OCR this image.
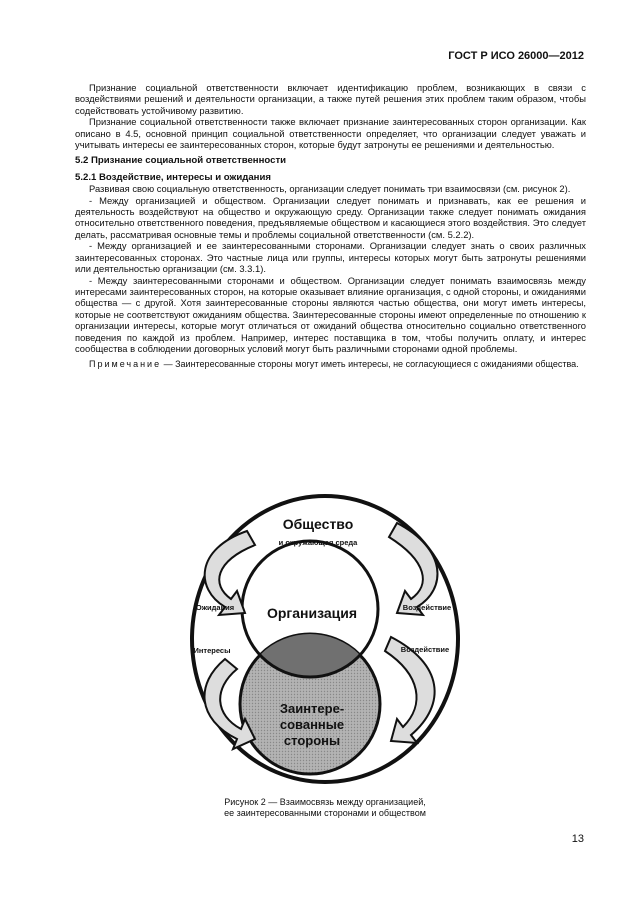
ГОСТ Р ИСО 26000—2012

Признание социальной ответственности включает идентификацию проблем, возникающих в связи с воздействиями решений и деятельности организации, а также путей решения этих проблем таким образом, чтобы содействовать устойчивому развитию.

Признание социальной ответственности также включает признание заинтересованных сторон организации. Как описано в 4.5, основной принцип социальной ответственности определяет, что организации следует уважать и учитывать интересы ее заинтересованных сторон, которые будут затронуты ее решениями и деятельностью.

5.2 Признание социальной ответственности

5.2.1 Воздействие, интересы и ожидания

Развивая свою социальную ответственность, организации следует понимать три взаимосвязи (см. рисунок 2).

- Между организацией и обществом. Организации следует понимать и признавать, как ее решения и деятельность воздействуют на общество и окружающую среду. Организации также следует понимать ожидания относительно ответственного поведения, предъявляемые обществом и касающиеся этого воздействия. Это следует делать, рассматривая основные темы и проблемы социальной ответственности (см. 5.2.2).

- Между организацией и ее заинтересованными сторонами. Организации следует знать о своих различных заинтересованных сторонах. Это частные лица или группы, интересы которых могут быть затронуты решениями или деятельностью организации (см. 3.3.1).

- Между заинтересованными сторонами и обществом. Организации следует понимать взаимосвязь между интересами заинтересованных сторон, на которые оказывает влияние организация, с одной стороны, и ожиданиями общества — с другой. Хотя заинтересованные стороны являются частью общества, они могут иметь интересы, которые не соответствуют ожиданиям общества. Заинтересованные стороны имеют определенные по отношению к организации интересы, которые могут отличаться от ожиданий общества относительно социально ответственного поведения по каждой из проблем. Например, интерес поставщика в том, чтобы получить оплату, и интерес сообщества в соблюдении договорных условий могут быть различными сторонами одной проблемы.

Примечание — Заинтересованные стороны могут иметь интересы, не согласующиеся с ожиданиями общества.

Общество
и окружающая среда
Организация
Заинтере-
сованные
стороны
Ожидания
Интересы
Воздействие
Воздействие
Рисунок 2 — Взаимосвязь между организацией,
ее заинтересованными сторонами и обществом
13
